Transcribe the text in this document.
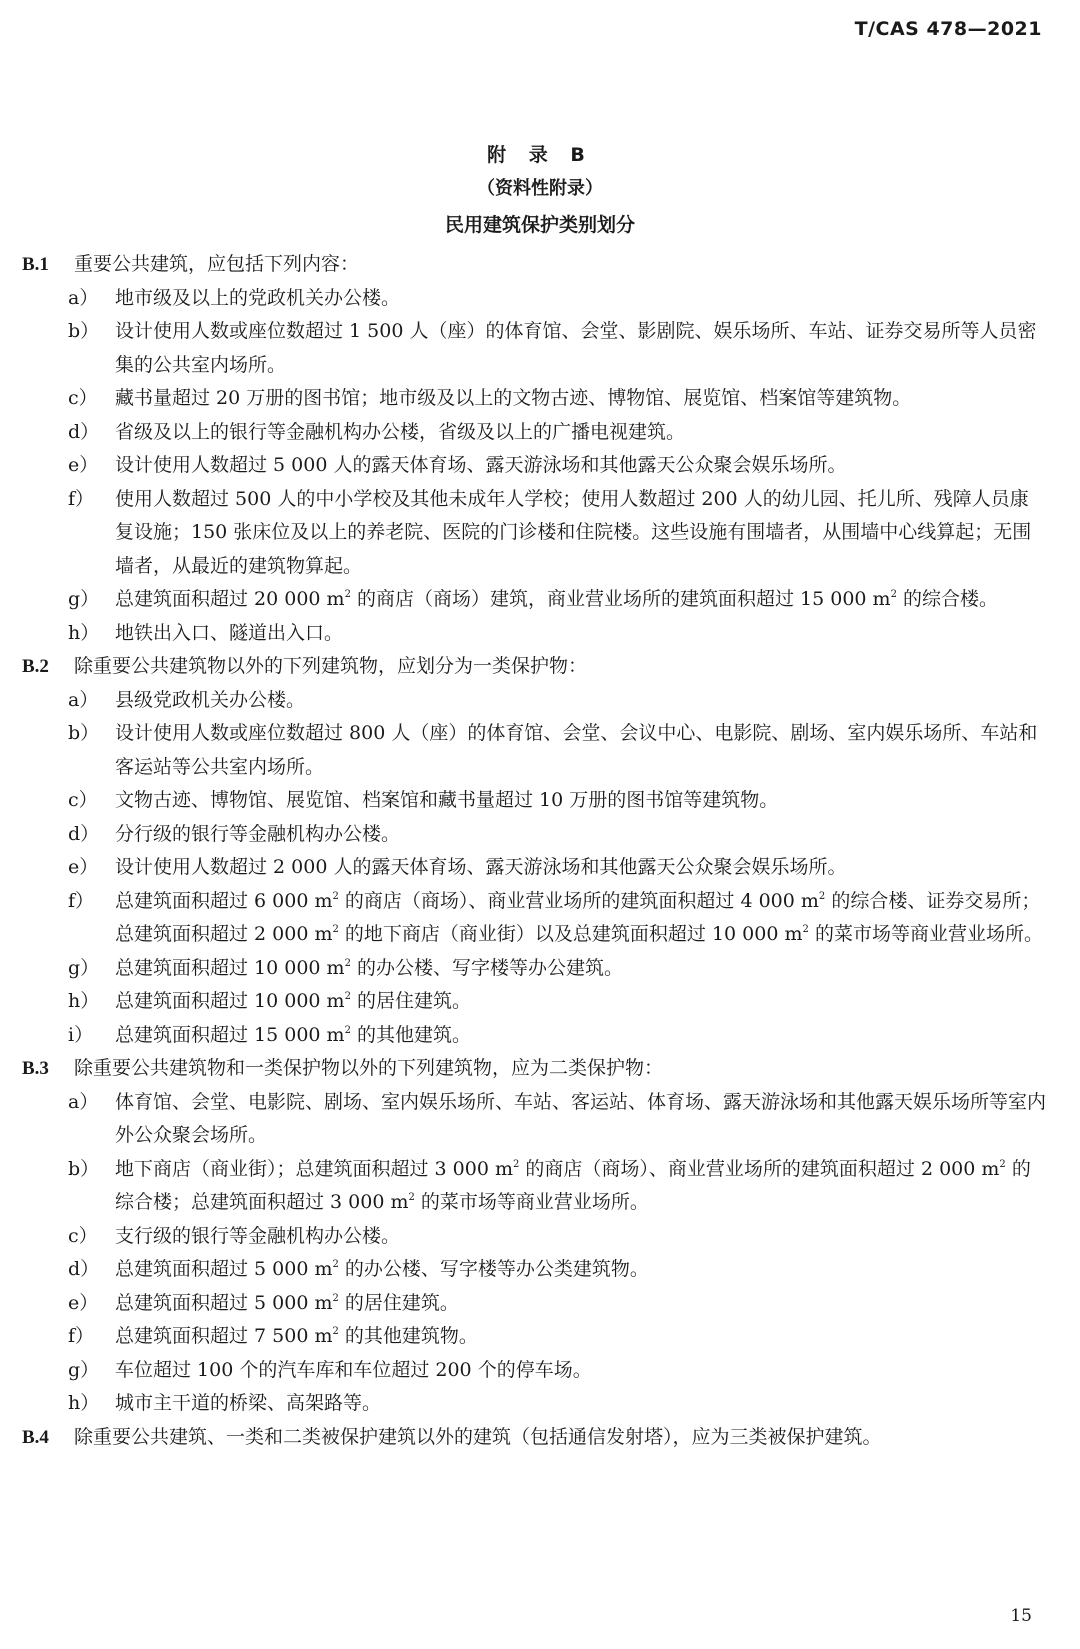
T/CAS 478—2021
附 录 B
（资料性附录）
民用建筑保护类别划分
B.1 重要公共建筑，应包括下列内容：
a） 地市级及以上的党政机关办公楼。
b） 设计使用人数或座位数超过 1 500 人（座）的体育馆、会堂、影剧院、娱乐场所、车站、证券交易所等人员密集的公共室内场所。
c） 藏书量超过 20 万册的图书馆；地市级及以上的文物古迹、博物馆、展览馆、档案馆等建筑物。
d） 省级及以上的银行等金融机构办公楼，省级及以上的广播电视建筑。
e） 设计使用人数超过 5 000 人的露天体育场、露天游泳场和其他露天公众聚会娱乐场所。
f） 使用人数超过 500 人的中小学校及其他未成年人学校；使用人数超过 200 人的幼儿园、托儿所、残障人员康复设施；150 张床位及以上的养老院、医院的门诊楼和住院楼。这些设施有围墙者，从围墙中心线算起；无围墙者，从最近的建筑物算起。
g） 总建筑面积超过 20 000 $m^2$ 的商店（商场）建筑，商业营业场所的建筑面积超过 15 000 $m^2$ 的综合楼。
h） 地铁出入口、隧道出入口。
B.2 除重要公共建筑物以外的下列建筑物，应划分为一类保护物：
a） 县级党政机关办公楼。
b） 设计使用人数或座位数超过 800 人（座）的体育馆、会堂、会议中心、电影院、剧场、室内娱乐场所、车站和客运站等公共室内场所。
c） 文物古迹、博物馆、展览馆、档案馆和藏书量超过 10 万册的图书馆等建筑物。
d） 分行级的银行等金融机构办公楼。
e） 设计使用人数超过 2 000 人的露天体育场、露天游泳场和其他露天公众聚会娱乐场所。
f） 总建筑面积超过 6 000 $m^2$ 的商店（商场）、商业营业场所的建筑面积超过 4 000 $m^2$ 的综合楼、证券交易所；总建筑面积超过 2 000 $m^2$ 的地下商店（商业街）以及总建筑面积超过 10 000 $m^2$ 的菜市场等商业营业场所。
g） 总建筑面积超过 10 000 $m^2$ 的办公楼、写字楼等办公建筑。
h） 总建筑面积超过 10 000 $m^2$ 的居住建筑。
i） 总建筑面积超过 15 000 $m^2$ 的其他建筑。
B.3 除重要公共建筑物和一类保护物以外的下列建筑物，应为二类保护物：
a） 体育馆、会堂、电影院、剧场、室内娱乐场所、车站、客运站、体育场、露天游泳场和其他露天娱乐场所等室内外公众聚会场所。
b） 地下商店（商业街）；总建筑面积超过 3 000 $m^2$ 的商店（商场）、商业营业场所的建筑面积超过 2 000 $m^2$ 的综合楼；总建筑面积超过 3 000 $m^2$ 的菜市场等商业营业场所。
c） 支行级的银行等金融机构办公楼。
d） 总建筑面积超过 5 000 $m^2$ 的办公楼、写字楼等办公类建筑物。
e） 总建筑面积超过 5 000 $m^2$ 的居住建筑。
f） 总建筑面积超过 7 500 $m^2$ 的其他建筑物。
g） 车位超过 100 个的汽车库和车位超过 200 个的停车场。
h） 城市主干道的桥梁、高架路等。
B.4 除重要公共建筑、一类和二类被保护建筑以外的建筑（包括通信发射塔），应为三类被保护建筑。
15
